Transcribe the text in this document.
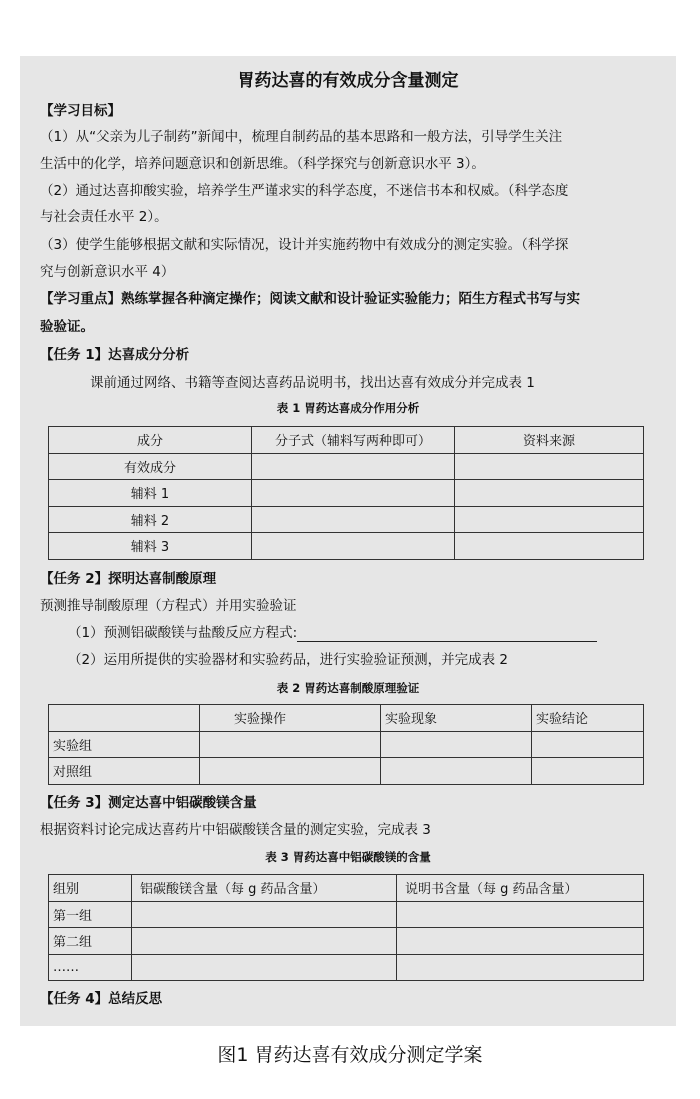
胃药达喜的有效成分含量测定
【学习目标】
（1）从“父亲为儿子制药”新闻中，梳理自制药品的基本思路和一般方法，引导学生关注
生活中的化学，培养问题意识和创新思维。（科学探究与创新意识水平 3）。
（2）通过达喜抑酸实验，培养学生严谨求实的科学态度，不迷信书本和权威。（科学态度
与社会责任水平 2）。
（3）使学生能够根据文献和实际情况，设计并实施药物中有效成分的测定实验。（科学探
究与创新意识水平 4）
【学习重点】熟练掌握各种滴定操作；阅读文献和设计验证实验能力；陌生方程式书写与实
验验证。
【任务 1】达喜成分分析
课前通过网络、书籍等查阅达喜药品说明书，找出达喜有效成分并完成表 1
表 1 胃药达喜成分作用分析
成分	分子式（辅料写两种即可）	资料来源
有效成分		
辅料 1		
辅料 2		
辅料 3		
【任务 2】探明达喜制酸原理
预测推导制酸原理（方程式）并用实验验证
（1）预测铝碳酸镁与盐酸反应方程式:
（2）运用所提供的实验器材和实验药品，进行实验验证预测，并完成表 2
表 2 胃药达喜制酸原理验证
	实验操作	实验现象	实验结论
实验组			
对照组			
【任务 3】测定达喜中铝碳酸镁含量
根据资料讨论完成达喜药片中铝碳酸镁含量的测定实验，完成表 3
表 3 胃药达喜中铝碳酸镁的含量
组别	铝碳酸镁含量（每 g 药品含量）	说明书含量（每 g 药品含量）
第一组		
第二组		
……		
【任务 4】总结反思
图1 胃药达喜有效成分测定学案
